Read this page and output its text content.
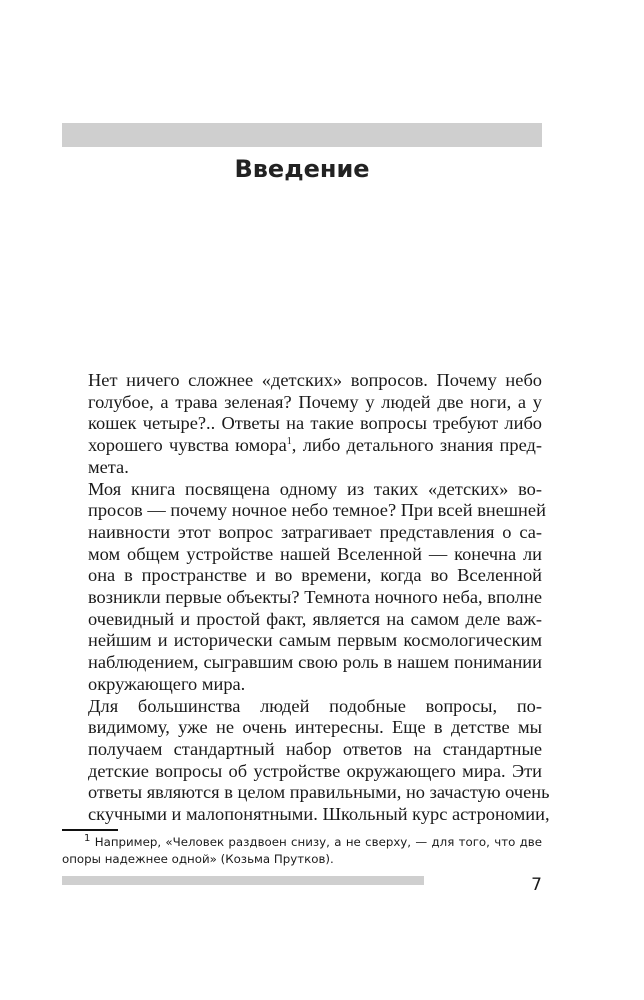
Введение

Нет ничего сложнее «детских» вопросов. Почему небо
голубое, а трава зеленая? Почему у людей две ноги, а у
кошек четыре?.. Ответы на такие вопросы требуют либо
хорошего чувства юмора$^1$, либо детального знания пред-
мета.

Моя книга посвящена одному из таких «детских» во-
просов — почему ночное небо темное? При всей внешней
наивности этот вопрос затрагивает представления о са-
мом общем устройстве нашей Вселенной — конечна ли
она в пространстве и во времени, когда во Вселенной
возникли первые объекты? Темнота ночного неба, вполне
очевидный и простой факт, является на самом деле важ-
нейшим и исторически самым первым космологическим
наблюдением, сыгравшим свою роль в нашем понимании
окружающего мира.

Для большинства людей подобные вопросы, по-
видимому, уже не очень интересны. Еще в детстве мы
получаем стандартный набор ответов на стандартные
детские вопросы об устройстве окружающего мира. Эти
ответы являются в целом правильными, но зачастую очень
скучными и малопонятными. Школьный курс астрономии,

$^1$ Например, «Человек раздвоен снизу, а не сверху, — для того, что две
опоры надежнее одной» (Козьма Прутков).
7
